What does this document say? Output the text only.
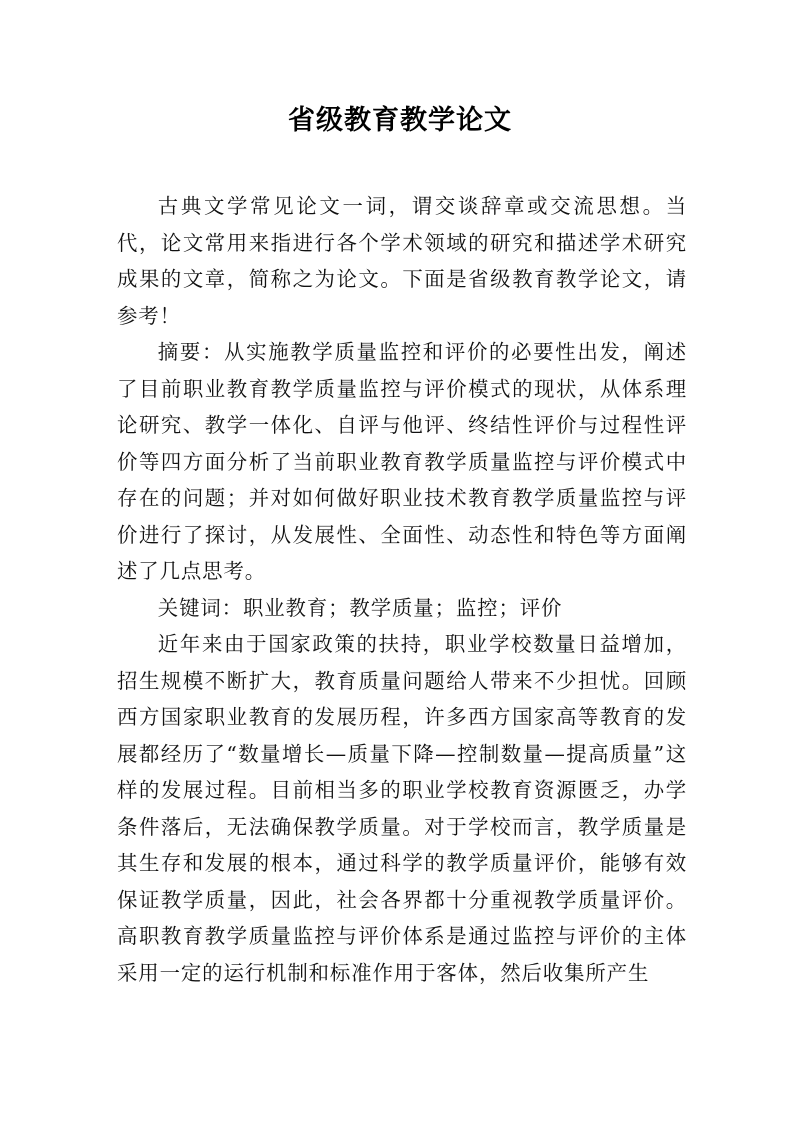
省级教育教学论文

古典文学常见论文一词，谓交谈辞章或交流思想。当代，论文常用来指进行各个学术领域的研究和描述学术研究成果的文章，简称之为论文。下面是省级教育教学论文，请参考！

摘要：从实施教学质量监控和评价的必要性出发，阐述了目前职业教育教学质量监控与评价模式的现状，从体系理论研究、教学一体化、自评与他评、终结性评价与过程性评价等四方面分析了当前职业教育教学质量监控与评价模式中存在的问题；并对如何做好职业技术教育教学质量监控与评价进行了探讨，从发展性、全面性、动态性和特色等方面阐述了几点思考。

关键词：职业教育；教学质量；监控；评价

近年来由于国家政策的扶持，职业学校数量日益增加，招生规模不断扩大，教育质量问题给人带来不少担忧。回顾西方国家职业教育的发展历程，许多西方国家高等教育的发展都经历了“数量增长—质量下降—控制数量—提高质量”这样的发展过程。目前相当多的职业学校教育资源匮乏，办学条件落后，无法确保教学质量。对于学校而言，教学质量是其生存和发展的根本，通过科学的教学质量评价，能够有效保证教学质量，因此，社会各界都十分重视教学质量评价。高职教育教学质量监控与评价体系是通过监控与评价的主体采用一定的运行机制和标准作用于客体，然后收集所产生
